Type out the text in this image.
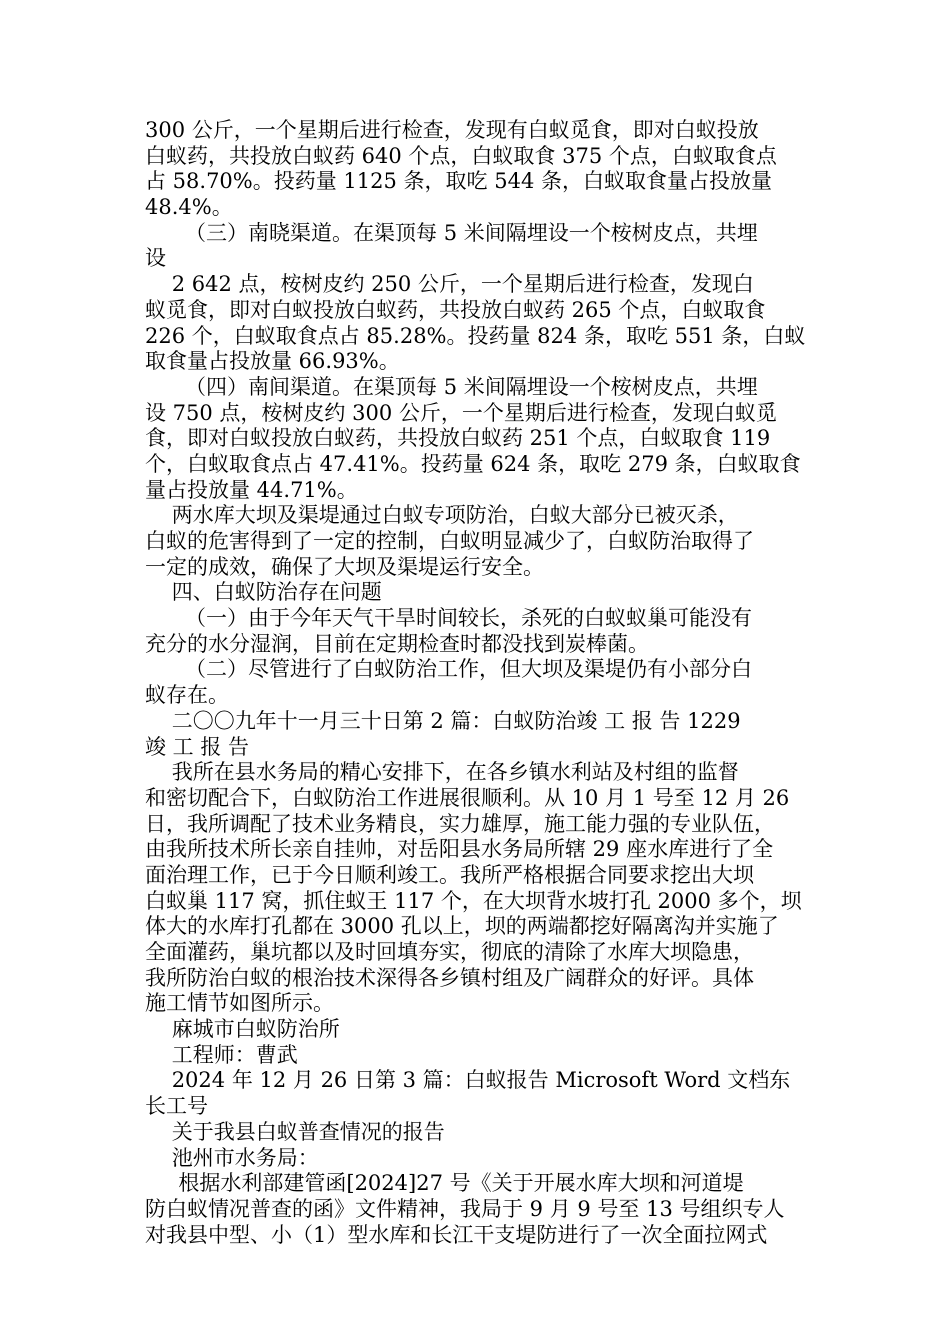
300 公斤，一个星期后进行检查，发现有白蚁觅食，即对白蚁投放
白蚁药，共投放白蚁药 640 个点，白蚁取食 375 个点，白蚁取食点
占 58.70%。投药量 1125 条，取吃 544 条，白蚁取食量占投放量
48.4%。
（三）南晓渠道。在渠顶每 5 米间隔埋设一个桉树皮点，共埋
设
2 642 点，桉树皮约 250 公斤，一个星期后进行检查，发现白
蚁觅食，即对白蚁投放白蚁药，共投放白蚁药 265 个点，白蚁取食
226 个，白蚁取食点占 85.28%。投药量 824 条，取吃 551 条，白蚁
取食量占投放量 66.93%。
（四）南间渠道。在渠顶每 5 米间隔埋设一个桉树皮点，共埋
设 750 点，桉树皮约 300 公斤，一个星期后进行检查，发现白蚁觅
食，即对白蚁投放白蚁药，共投放白蚁药 251 个点，白蚁取食 119
个，白蚁取食点占 47.41%。投药量 624 条，取吃 279 条，白蚁取食
量占投放量 44.71%。
两水库大坝及渠堤通过白蚁专项防治，白蚁大部分已被灭杀，
白蚁的危害得到了一定的控制，白蚁明显减少了，白蚁防治取得了
一定的成效，确保了大坝及渠堤运行安全。
四、白蚁防治存在问题
（一）由于今年天气干旱时间较长，杀死的白蚁蚁巢可能没有
充分的水分湿润，目前在定期检查时都没找到炭棒菌。
（二）尽管进行了白蚁防治工作，但大坝及渠堤仍有小部分白
蚁存在。
二〇〇九年十一月三十日第 2 篇：白蚁防治竣 工 报 告 1229
竣 工 报 告
我所在县水务局的精心安排下，在各乡镇水利站及村组的监督
和密切配合下，白蚁防治工作进展很顺利。从 10 月 1 号至 12 月 26
日，我所调配了技术业务精良，实力雄厚，施工能力强的专业队伍，
由我所技术所长亲自挂帅，对岳阳县水务局所辖 29 座水库进行了全
面治理工作，已于今日顺利竣工。我所严格根据合同要求挖出大坝
白蚁巢 117 窝，抓住蚁王 117 个，在大坝背水坡打孔 2000 多个，坝
体大的水库打孔都在 3000 孔以上，坝的两端都挖好隔离沟并实施了
全面灌药，巢坑都以及时回填夯实，彻底的清除了水库大坝隐患，
我所防治白蚁的根治技术深得各乡镇村组及广阔群众的好评。具体
施工情节如图所示。
麻城市白蚁防治所
工程师：曹武
2024 年 12 月 26 日第 3 篇：白蚁报告 Microsoft Word 文档东
长工号
关于我县白蚁普查情况的报告
池州市水务局：
根据水利部建管函[2024]27 号《关于开展水库大坝和河道堤
防白蚁情况普查的函》文件精神，我局于 9 月 9 号至 13 号组织专人
对我县中型、小（1）型水库和长江干支堤防进行了一次全面拉网式
